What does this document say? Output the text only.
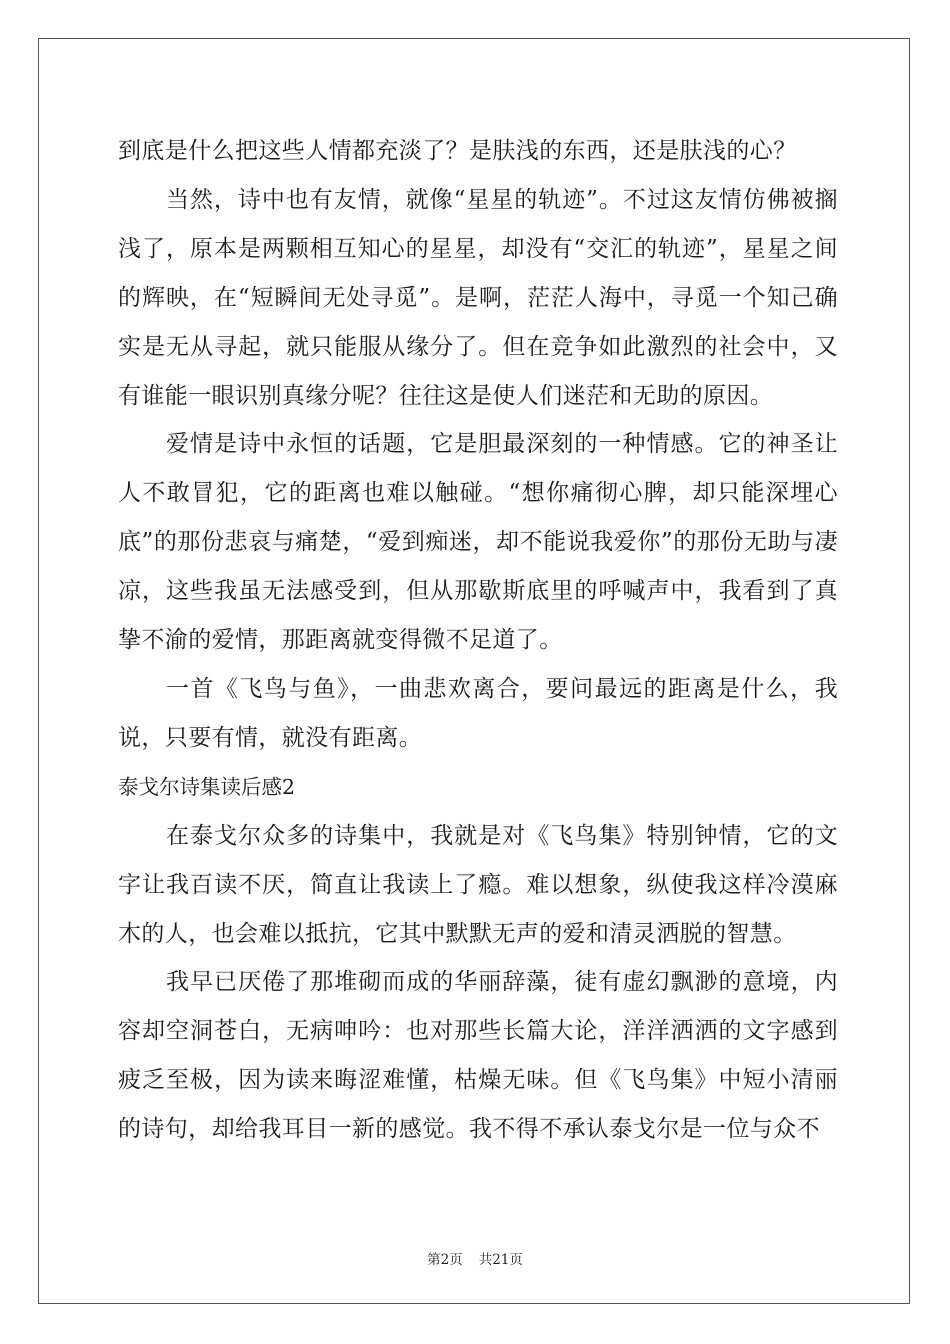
到底是什么把这些人情都充淡了？是肤浅的东西，还是肤浅的心？

当然，诗中也有友情，就像“星星的轨迹”。不过这友情仿佛被搁浅了，原本是两颗相互知心的星星，却没有“交汇的轨迹”，星星之间的辉映，在“短瞬间无处寻觅”。是啊，茫茫人海中，寻觅一个知己确实是无从寻起，就只能服从缘分了。但在竞争如此激烈的社会中，又有谁能一眼识别真缘分呢？往往这是使人们迷茫和无助的原因。

爱情是诗中永恒的话题，它是胆最深刻的一种情感。它的神圣让人不敢冒犯，它的距离也难以触碰。“想你痛彻心脾，却只能深埋心底”的那份悲哀与痛楚，“爱到痴迷，却不能说我爱你”的那份无助与凄凉，这些我虽无法感受到，但从那歇斯底里的呼喊声中，我看到了真挚不渝的爱情，那距离就变得微不足道了。

一首《飞鸟与鱼》，一曲悲欢离合，要问最远的距离是什么，我说，只要有情，就没有距离。

泰戈尔诗集读后感2

在泰戈尔众多的诗集中，我就是对《飞鸟集》特别钟情，它的文字让我百读不厌，简直让我读上了瘾。难以想象，纵使我这样冷漠麻木的人，也会难以抵抗，它其中默默无声的爱和清灵洒脱的智慧。

我早已厌倦了那堆砌而成的华丽辞藻，徒有虚幻飘渺的意境，内容却空洞苍白，无病呻吟：也对那些长篇大论，洋洋洒洒的文字感到疲乏至极，因为读来晦涩难懂，枯燥无味。但《飞鸟集》中短小清丽的诗句，却给我耳目一新的感觉。我不得不承认泰戈尔是一位与众不

第2页 共21页
